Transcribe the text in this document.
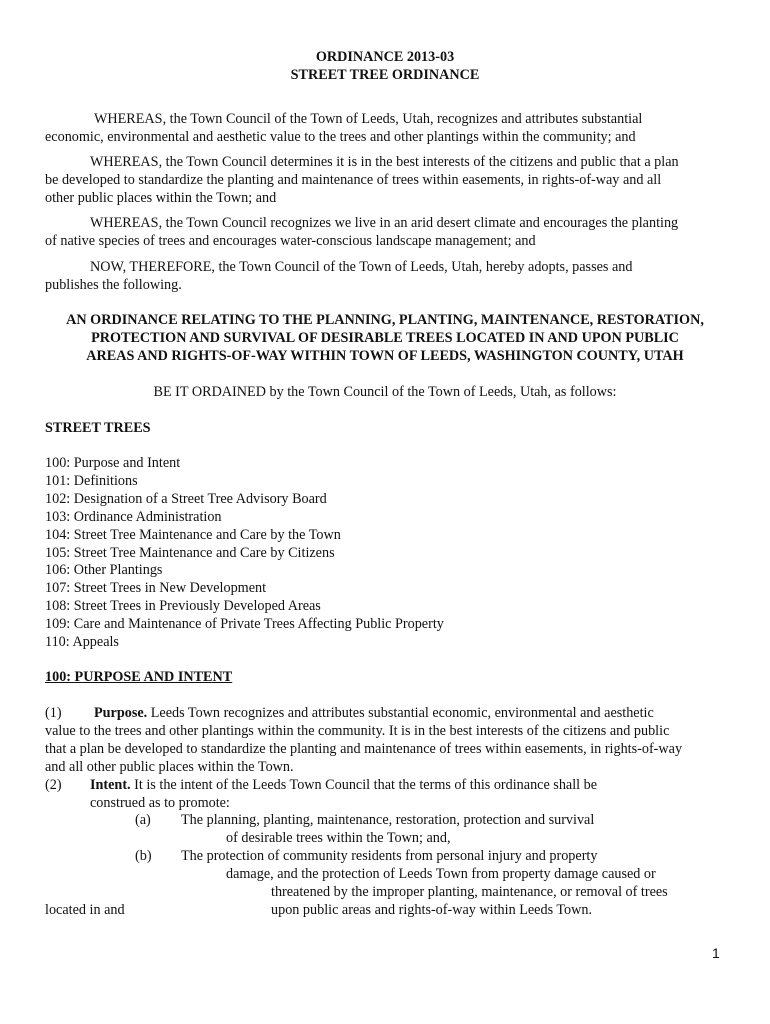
ORDINANCE 2013-03

STREET TREE ORDINANCE

WHEREAS, the Town Council of the Town of Leeds, Utah, recognizes and attributes substantial

economic, environmental and aesthetic value to the trees and other plantings within the community; and

WHEREAS, the Town Council determines it is in the best interests of the citizens and public that a plan

be developed to standardize the planting and maintenance of trees within easements, in rights-of-way and all

other public places within the Town; and

WHEREAS, the Town Council recognizes we live in an arid desert climate and encourages the planting

of native species of trees and encourages water-conscious landscape management; and

NOW, THEREFORE, the Town Council of the Town of Leeds, Utah, hereby adopts, passes and

publishes the following.

AN ORDINANCE RELATING TO THE PLANNING, PLANTING, MAINTENANCE, RESTORATION,

PROTECTION AND SURVIVAL OF DESIRABLE TREES LOCATED IN AND UPON PUBLIC

AREAS AND RIGHTS-OF-WAY WITHIN TOWN OF LEEDS, WASHINGTON COUNTY, UTAH

BE IT ORDAINED by the Town Council of the Town of Leeds, Utah, as follows:

STREET TREES

100: Purpose and Intent

101: Definitions

102: Designation of a Street Tree Advisory Board

103: Ordinance Administration

104: Street Tree Maintenance and Care by the Town

105: Street Tree Maintenance and Care by Citizens

106: Other Plantings

107: Street Trees in New Development

108: Street Trees in Previously Developed Areas

109: Care and Maintenance of Private Trees Affecting Public Property

110: Appeals

100: PURPOSE AND INTENT

(1) Purpose. Leeds Town recognizes and attributes substantial economic, environmental and aesthetic

value to the trees and other plantings within the community. It is in the best interests of the citizens and public

that a plan be developed to standardize the planting and maintenance of trees within easements, in rights-of-way

and all other public places within the Town.

(2) Intent. It is the intent of the Leeds Town Council that the terms of this ordinance shall be

construed as to promote:

(a) The planning, planting, maintenance, restoration, protection and survival

of desirable trees within the Town; and,

(b) The protection of community residents from personal injury and property

damage, and the protection of Leeds Town from property damage caused or

threatened by the improper planting, maintenance, or removal of trees

located in and	upon public areas and rights-of-way within Leeds Town.

1
